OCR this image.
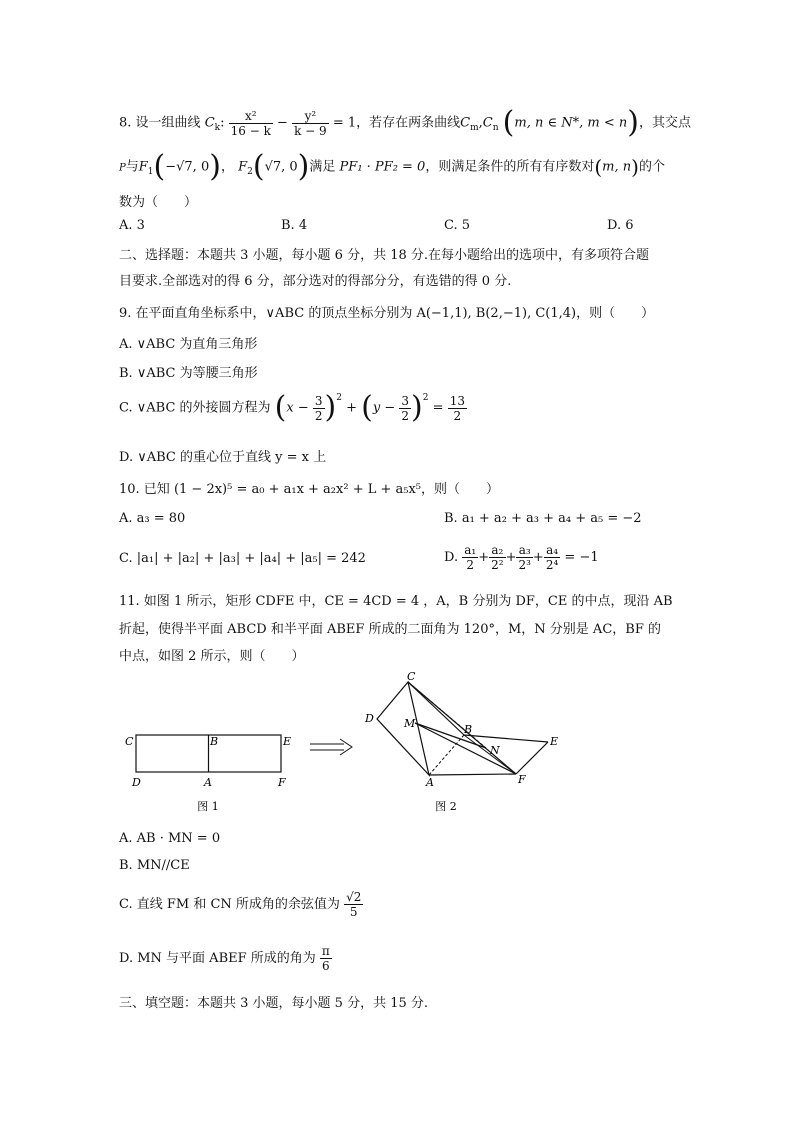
8. 设一组曲线 $C_k$: $\frac{\text{x²}}{16 - k} - \frac{\text{y²}}{k - 9} = 1$，若存在两条曲线$C_m,C_n$ (m, n ∈ N*, m < n)，其交点
P与$F_1(-√7$, 0)， $F_2(√7$, 0)满足 PF₁ · PF₂ = 0，则满足条件的所有有序数对(m, n)的个
数为（　　）
A. 3	B. 4	C. 5	D. 6
二、选择题：本题共 3 小题，每小题 6 分，共 18 分.在每小题给出的选项中，有多项符合题
目要求.全部选对的得 6 分，部分选对的得部分分，有选错的得 0 分.
9. 在平面直角坐标系中，∨ABC 的顶点坐标分别为 A(−1,1), B(2,−1), C(1,4)，则（　　）
A. ∨ABC 为直角三角形
B. ∨ABC 为等腰三角形
C. ∨ABC 的外接圆方程为 $(x - \frac{3}{2} )^2 + (y - \frac{3}{2} )^2 = \frac{13}{2}$
D. ∨ABC 的重心位于直线 y = x 上
10. 已知 (1 − 2x)⁵ = a₀ + a₁x + a₂x² + L + a₅x⁵，则（　　）
A. a₃ = 80	B. a₁ + a₂ + a₃ + a₄ + a₅ = −2
C. |a₁| + |a₂| + |a₃| + |a₄| + |a₅| = 242	D. $\frac{\text{a₁}}{2} + \frac{\text{a₂}}{\text{2²}} + \frac{\text{a₃}}{\text{2³}} + \frac{\text{a₄}}{\text{2⁴}} = -1$
11. 如图 1 所示，矩形 CDFE 中，CE = 4CD = 4 ，A，B 分别为 DF，CE 的中点，现沿 AB
折起，使得半平面 ABCD 和半平面 ABEF 所成的二面角为 120°，M，N 分别是 AC，BF 的
中点，如图 2 所示，则（　　）
C	B	E
D	A	F
图 1
C
D	M	B
N
E
A	F
图 2
A. AB · MN = 0
B. MN//CE
C. 直线 FM 和 CN 所成角的余弦值为 $\frac{√2}{5}$
D. MN 与平面 ABEF 所成的角为 $\frac{\pi}{6}$
三、填空题：本题共 3 小题，每小题 5 分，共 15 分.
